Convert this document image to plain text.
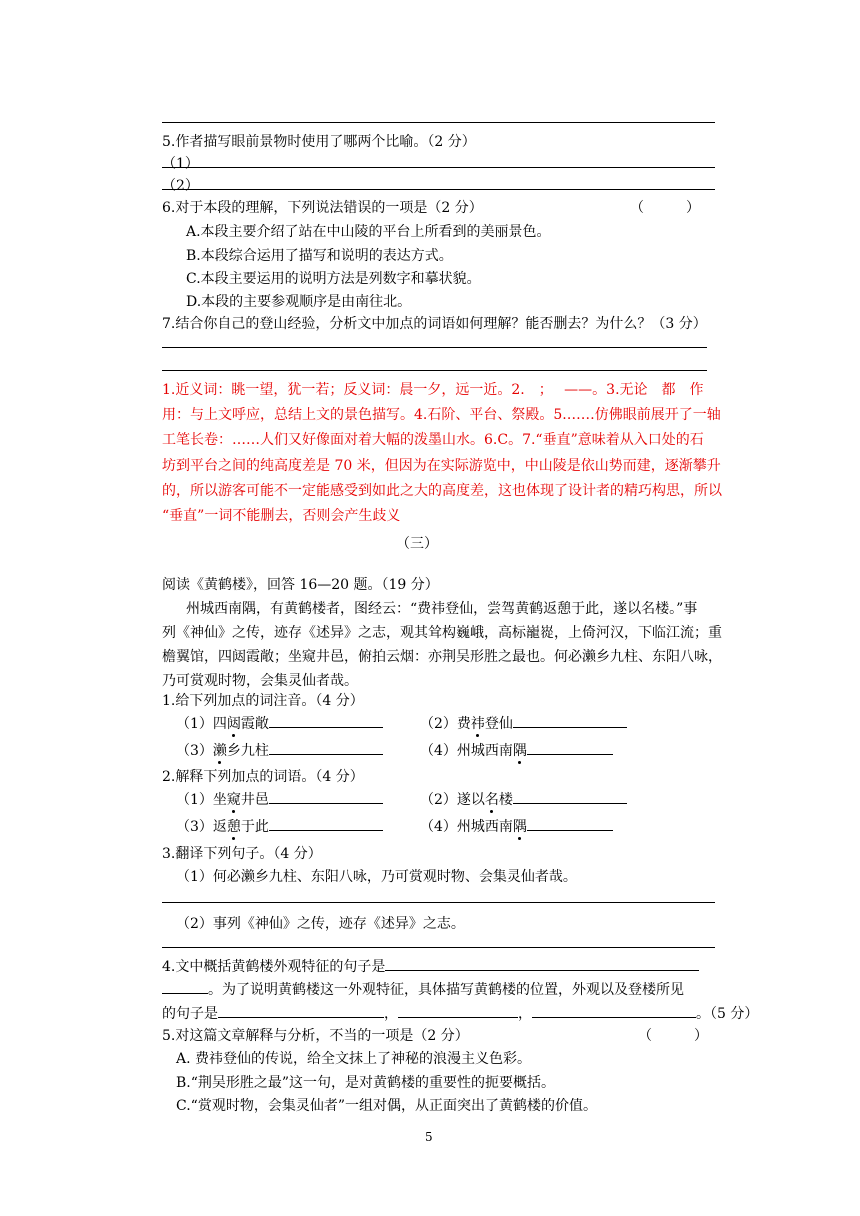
5.作者描写眼前景物时使用了哪两个比喻。（2 分）
（1）
（2）
6.对于本段的理解，下列说法错误的一项是（2 分）	（　　　）
A.本段主要介绍了站在中山陵的平台上所看到的美丽景色。
B.本段综合运用了描写和说明的表达方式。
C.本段主要运用的说明方法是列数字和摹状貌。
D.本段的主要参观顺序是由南往北。
7.结合你自己的登山经验，分析文中加点的词语如何理解？能否删去？为什么？（3 分）
1.近义词：眺一望，犹一若；反义词：晨一夕，远一近。2.　；　 ——。3.无论　都　作
用：与上文呼应，总结上文的景色描写。4.石阶、平台、祭殿。5.……仿佛眼前展开了一轴
工笔长卷：……人们又好像面对着大幅的泼墨山水。6.C。7.“垂直”意味着从入口处的石
坊到平台之间的纯高度差是 70 米，但因为在实际游览中，中山陵是依山势而建，逐渐攀升
的，所以游客可能不一定能感受到如此之大的高度差，这也体现了设计者的精巧构思，所以
“垂直”一词不能删去，否则会产生歧义
（三）
阅读《黄鹤楼》，回答 16—20 题。（19 分）
州城西南隅，有黄鹤楼者，图经云：“费祎登仙，尝驾黄鹤返憩于此，遂以名楼。”事
列《神仙》之传，迹存《述异》之志，观其耸构巍峨，高标巃嵸，上倚河汉，下临江流；重
檐翼馆，四闼霞敞；坐窥井邑，俯拍云烟：亦荆吴形胜之最也。何必濑乡九柱、东阳八咏，
乃可赏观时物，会集灵仙者哉。
1.给下列加点的词注音。（4 分）
（1）四闼霞敞	（2）费祎登仙
（3）濑乡九柱	（4）州城西南隅
2.解释下列加点的词语。（4 分）
（1）坐窥井邑	（2）遂以名楼
（3）返憩于此	（4）州城西南隅
3.翻译下列句子。（4 分）
（1）何必濑乡九柱、东阳八咏，乃可赏观时物、会集灵仙者哉。
（2）事列《神仙》之传，迹存《述异》之志。
4.文中概括黄鹤楼外观特征的句子是
。为了说明黄鹤楼这一外观特征，具体描写黄鹤楼的位置，外观以及登楼所见
的句子是	，	，	。（5 分）
5.对这篇文章解释与分析，不当的一项是（2 分）	（　　　）
A. 费祎登仙的传说，给全文抹上了神秘的浪漫主义色彩。
B.“荆吴形胜之最”这一句，是对黄鹤楼的重要性的扼要概括。
C.“赏观时物，会集灵仙者”一组对偶，从正面突出了黄鹤楼的价值。
5
